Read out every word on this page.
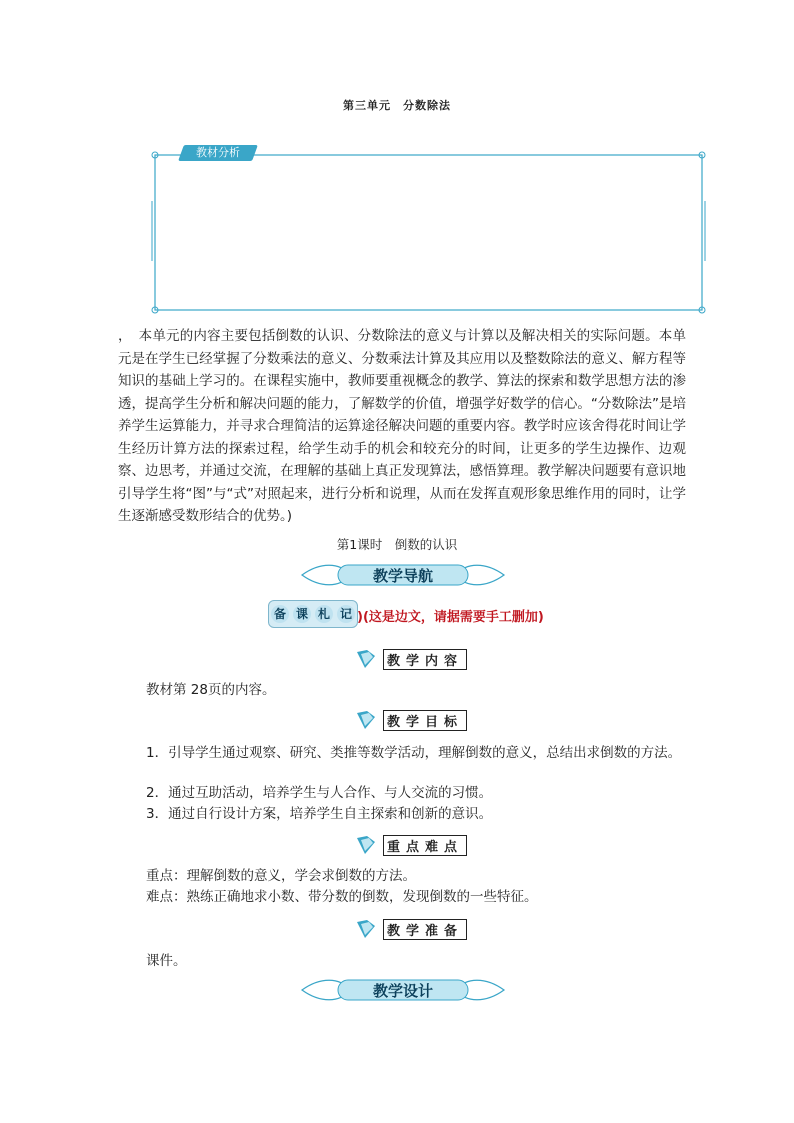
第三单元　分数除法
教材分析

，　本单元的内容主要包括倒数的认识、分数除法的意义与计算以及解决相关的实际问题。本单元是在学生已经掌握了分数乘法的意义、分数乘法计算及其应用以及整数除法的意义、解方程等知识的基础上学习的。在课程实施中，教师要重视概念的教学、算法的探索和数学思想方法的渗透，提高学生分析和解决问题的能力，了解数学的价值，增强学好数学的信心。“分数除法”是培养学生运算能力，并寻求合理简洁的运算途径解决问题的重要内容。教学时应该舍得花时间让学生经历计算方法的探索过程，给学生动手的机会和较充分的时间，让更多的学生边操作、边观察、边思考，并通过交流，在理解的基础上真正发现算法，感悟算理。教学解决问题要有意识地引导学生将“图”与“式”对照起来，进行分析和说理，从而在发挥直观形象思维作用的同时，让学生逐渐感受数形结合的优势。)

第1课时　倒数的认识
教学导航
备 课 札 记 )(这是边文，请据需要手工删加)
教学内容
教材第 28页的内容。
教学目标
1．引导学生通过观察、研究、类推等数学活动，理解倒数的意义，总结出求倒数的方法。
2．通过互助活动，培养学生与人合作、与人交流的习惯。
3．通过自行设计方案，培养学生自主探索和创新的意识。
重点难点
重点：理解倒数的意义，学会求倒数的方法。
难点：熟练正确地求小数、带分数的倒数，发现倒数的一些特征。
教学准备
课件。
教学设计
